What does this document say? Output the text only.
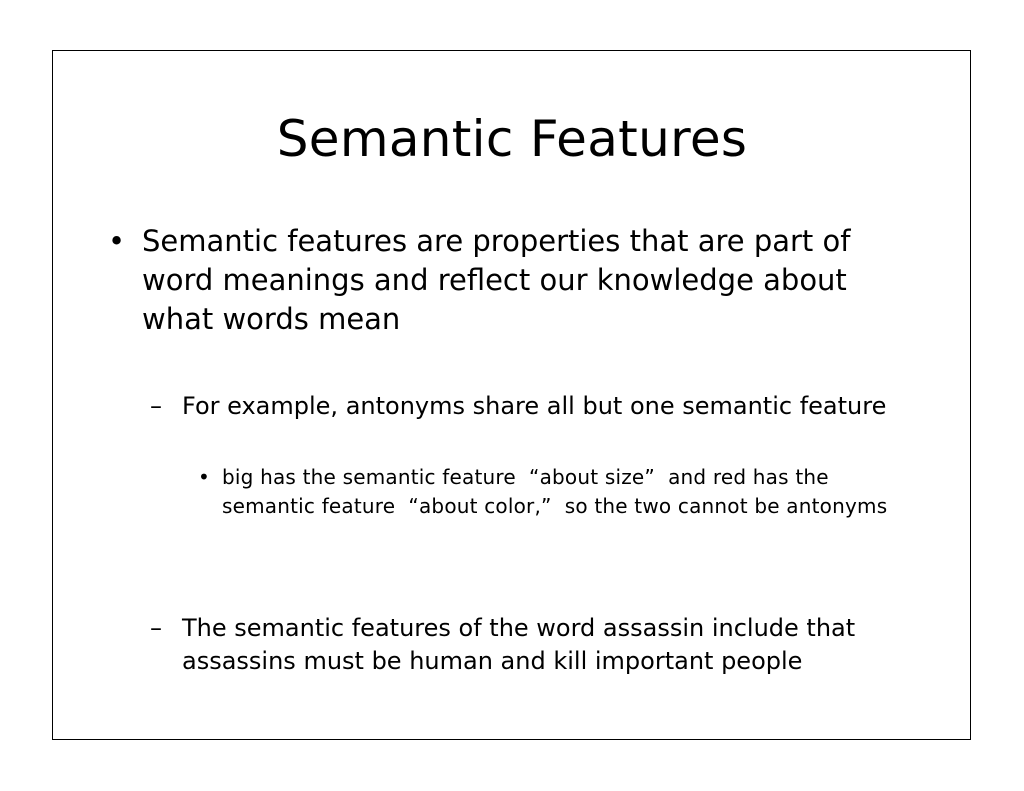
Semantic Features
• Semantic features are properties that are part of word meanings and reflect our knowledge about what words mean
– For example, antonyms share all but one semantic feature
• big has the semantic feature  “about size”  and red has the semantic feature  “about color,”  so the two cannot be antonyms
– The semantic features of the word assassin include that assassins must be human and kill important people
